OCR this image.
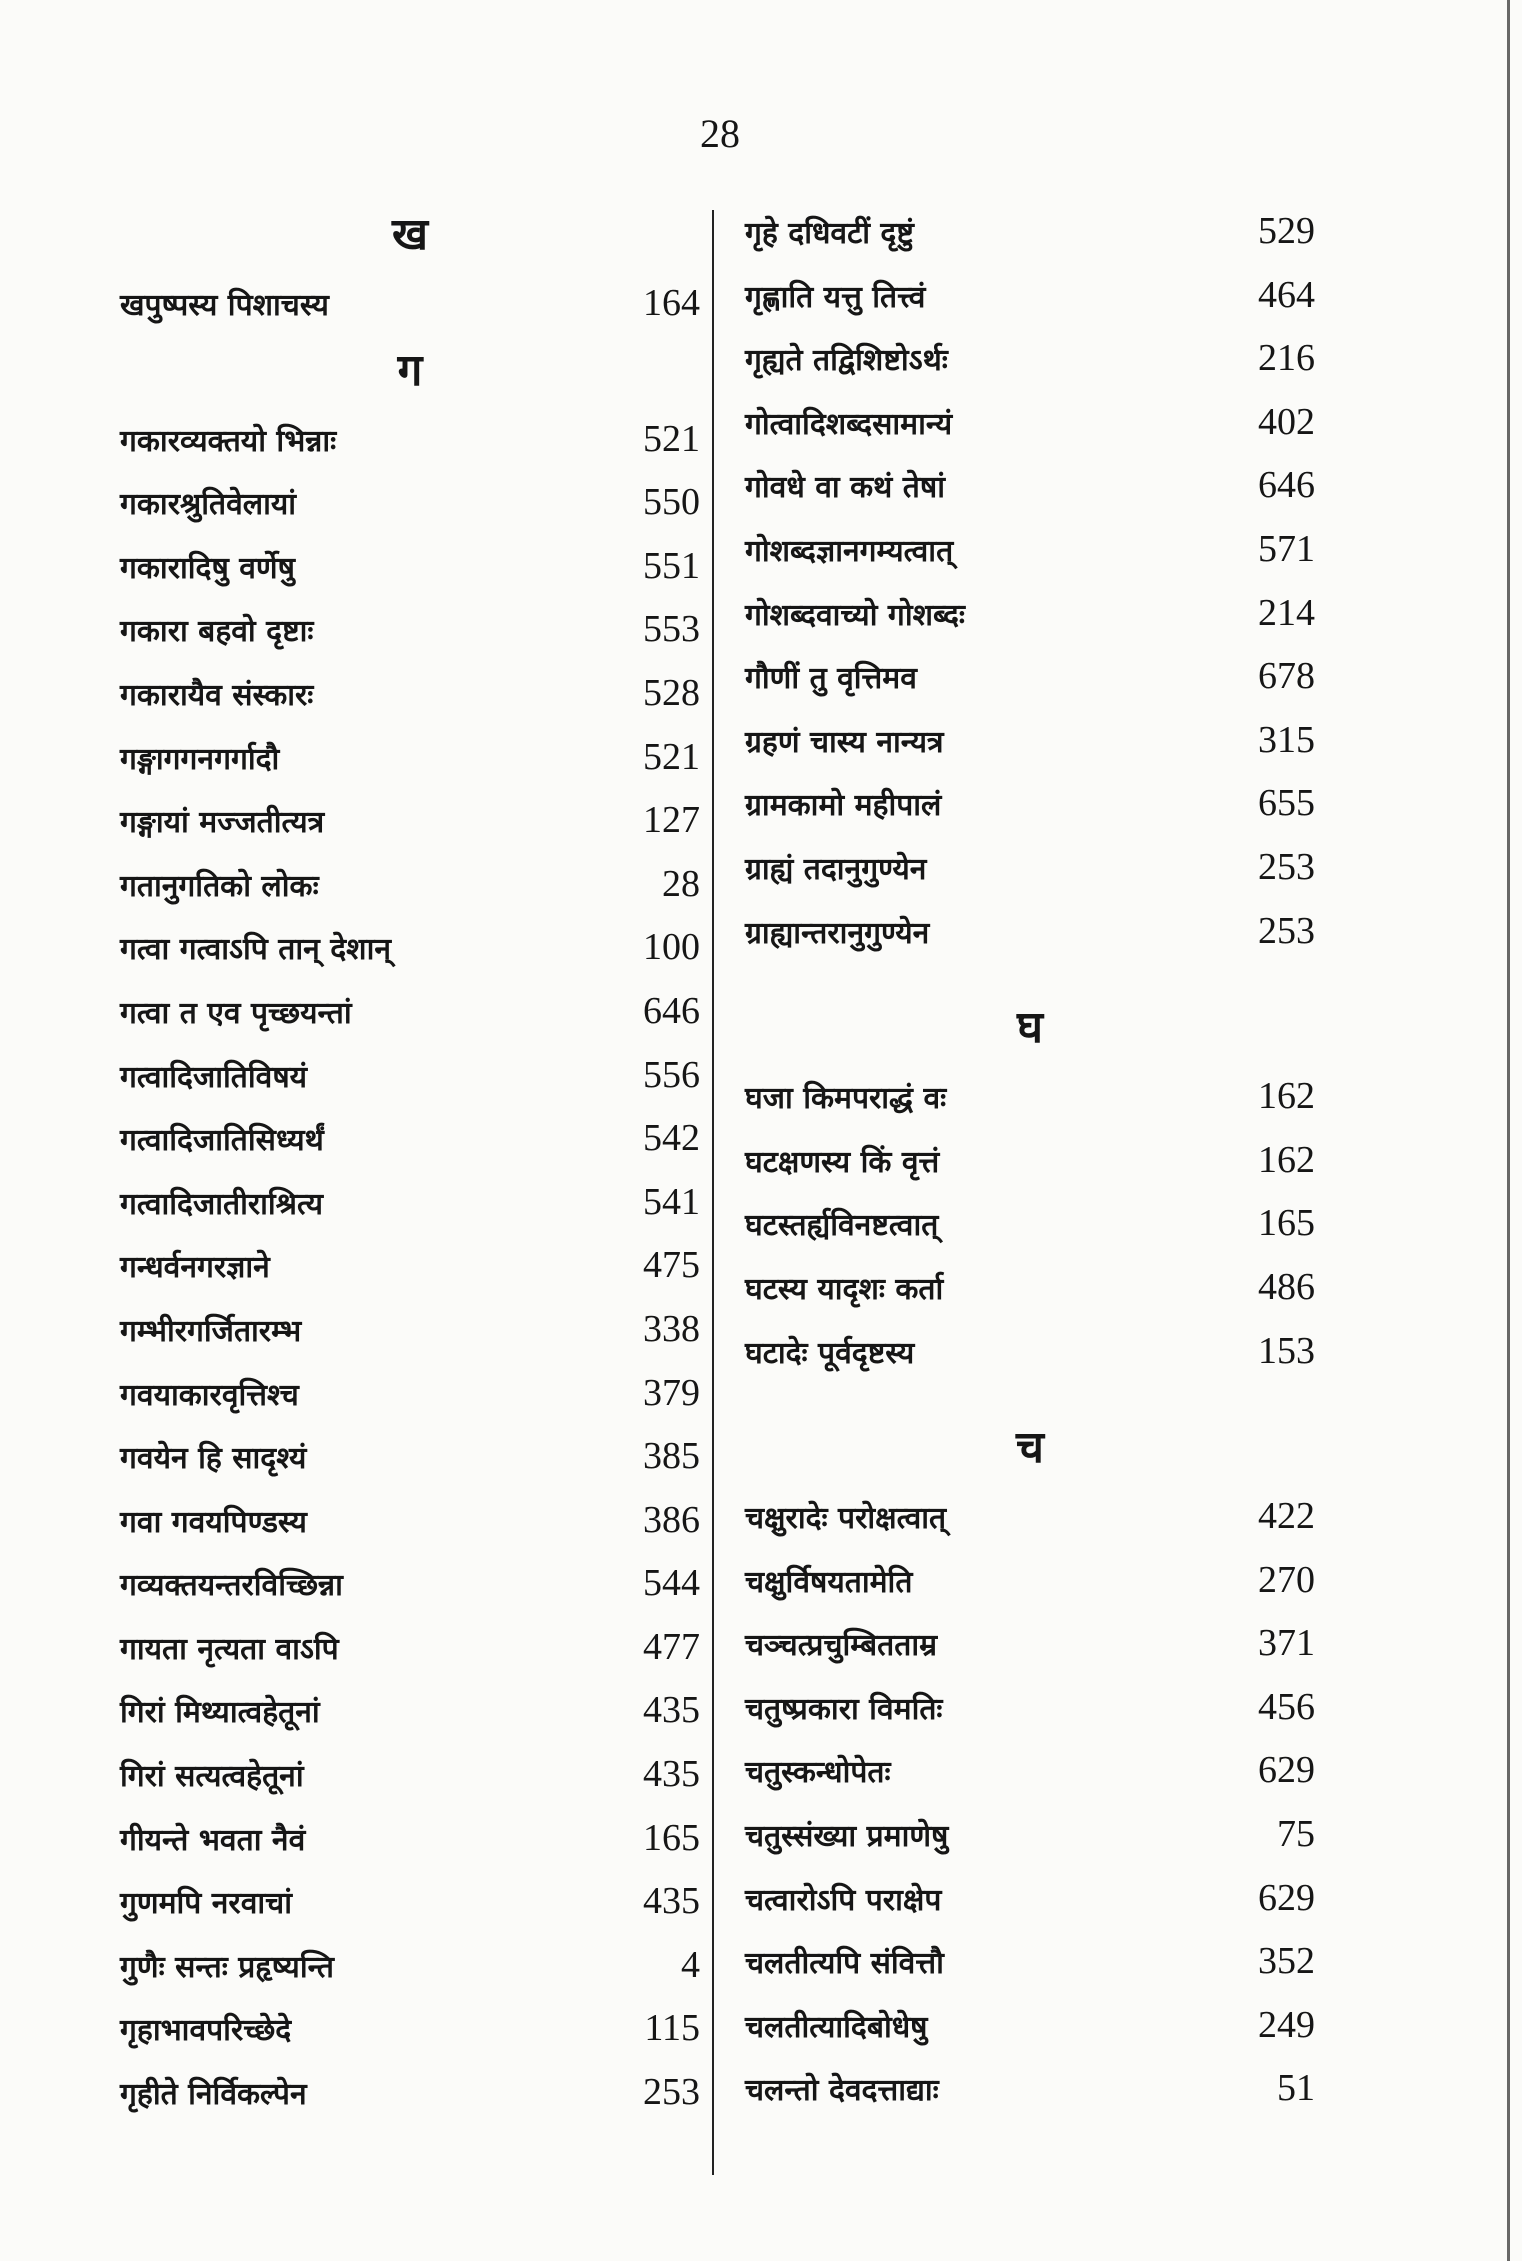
28
ख
खपुष्पस्य पिशाचस्य	164
ग
गकारव्यक्तयो भिन्नाः	521
गकारश्रुतिवेलायां	550
गकारादिषु वर्णेषु	551
गकारा बहवो दृष्टाः	553
गकारायैव संस्कारः	528
गङ्गागगनगर्गादौ	521
गङ्गायां मज्जतीत्यत्र	127
गतानुगतिको लोकः	28
गत्वा गत्वाऽपि तान् देशान्	100
गत्वा त एव पृच्छयन्तां	646
गत्वादिजातिविषयं	556
गत्वादिजातिसिध्यर्थं	542
गत्वादिजातीराश्रित्य	541
गन्धर्वनगरज्ञाने	475
गम्भीरगर्जितारम्भ	338
गवयाकारवृत्तिश्च	379
गवयेन हि सादृश्यं	385
गवा गवयपिण्डस्य	386
गव्यक्तयन्तरविच्छिन्ना	544
गायता नृत्यता वाऽपि	477
गिरां मिथ्यात्वहेतूनां	435
गिरां सत्यत्वहेतूनां	435
गीयन्ते भवता नैवं	165
गुणमपि नरवाचां	435
गुणैः सन्तः प्रहृष्यन्ति	4
गृहाभावपरिच्छेदे	115
गृहीते निर्विकल्पेन	253
गृहे दधिवटीं दृष्टुं	529
गृह्णाति यत्तु तित्त्वं	464
गृह्यते तद्विशिष्टोऽर्थः	216
गोत्वादिशब्दसामान्यं	402
गोवधे वा कथं तेषां	646
गोशब्दज्ञानगम्यत्वात्	571
गोशब्दवाच्यो गोशब्दः	214
गौणीं तु वृत्तिमव	678
ग्रहणं चास्य नान्यत्र	315
ग्रामकामो महीपालं	655
ग्राह्यं तदानुगुण्येन	253
ग्राह्यान्तरानुगुण्येन	253
घ
घजा किमपराद्धं वः	162
घटक्षणस्य किं वृत्तं	162
घटस्तर्ह्यविनष्टत्वात्	165
घटस्य यादृशः कर्ता	486
घटादेः पूर्वदृष्टस्य	153
च
चक्षुरादेः परोक्षत्वात्	422
चक्षुर्विषयतामेति	270
चञ्चत्प्रचुम्बितताम्र	371
चतुष्प्रकारा विमतिः	456
चतुस्कन्धोपेतः	629
चतुस्संख्या प्रमाणेषु	75
चत्वारोऽपि पराक्षेप	629
चलतीत्यपि संवित्तौ	352
चलतीत्यादिबोधेषु	249
चलन्तो देवदत्ताद्याः	51
